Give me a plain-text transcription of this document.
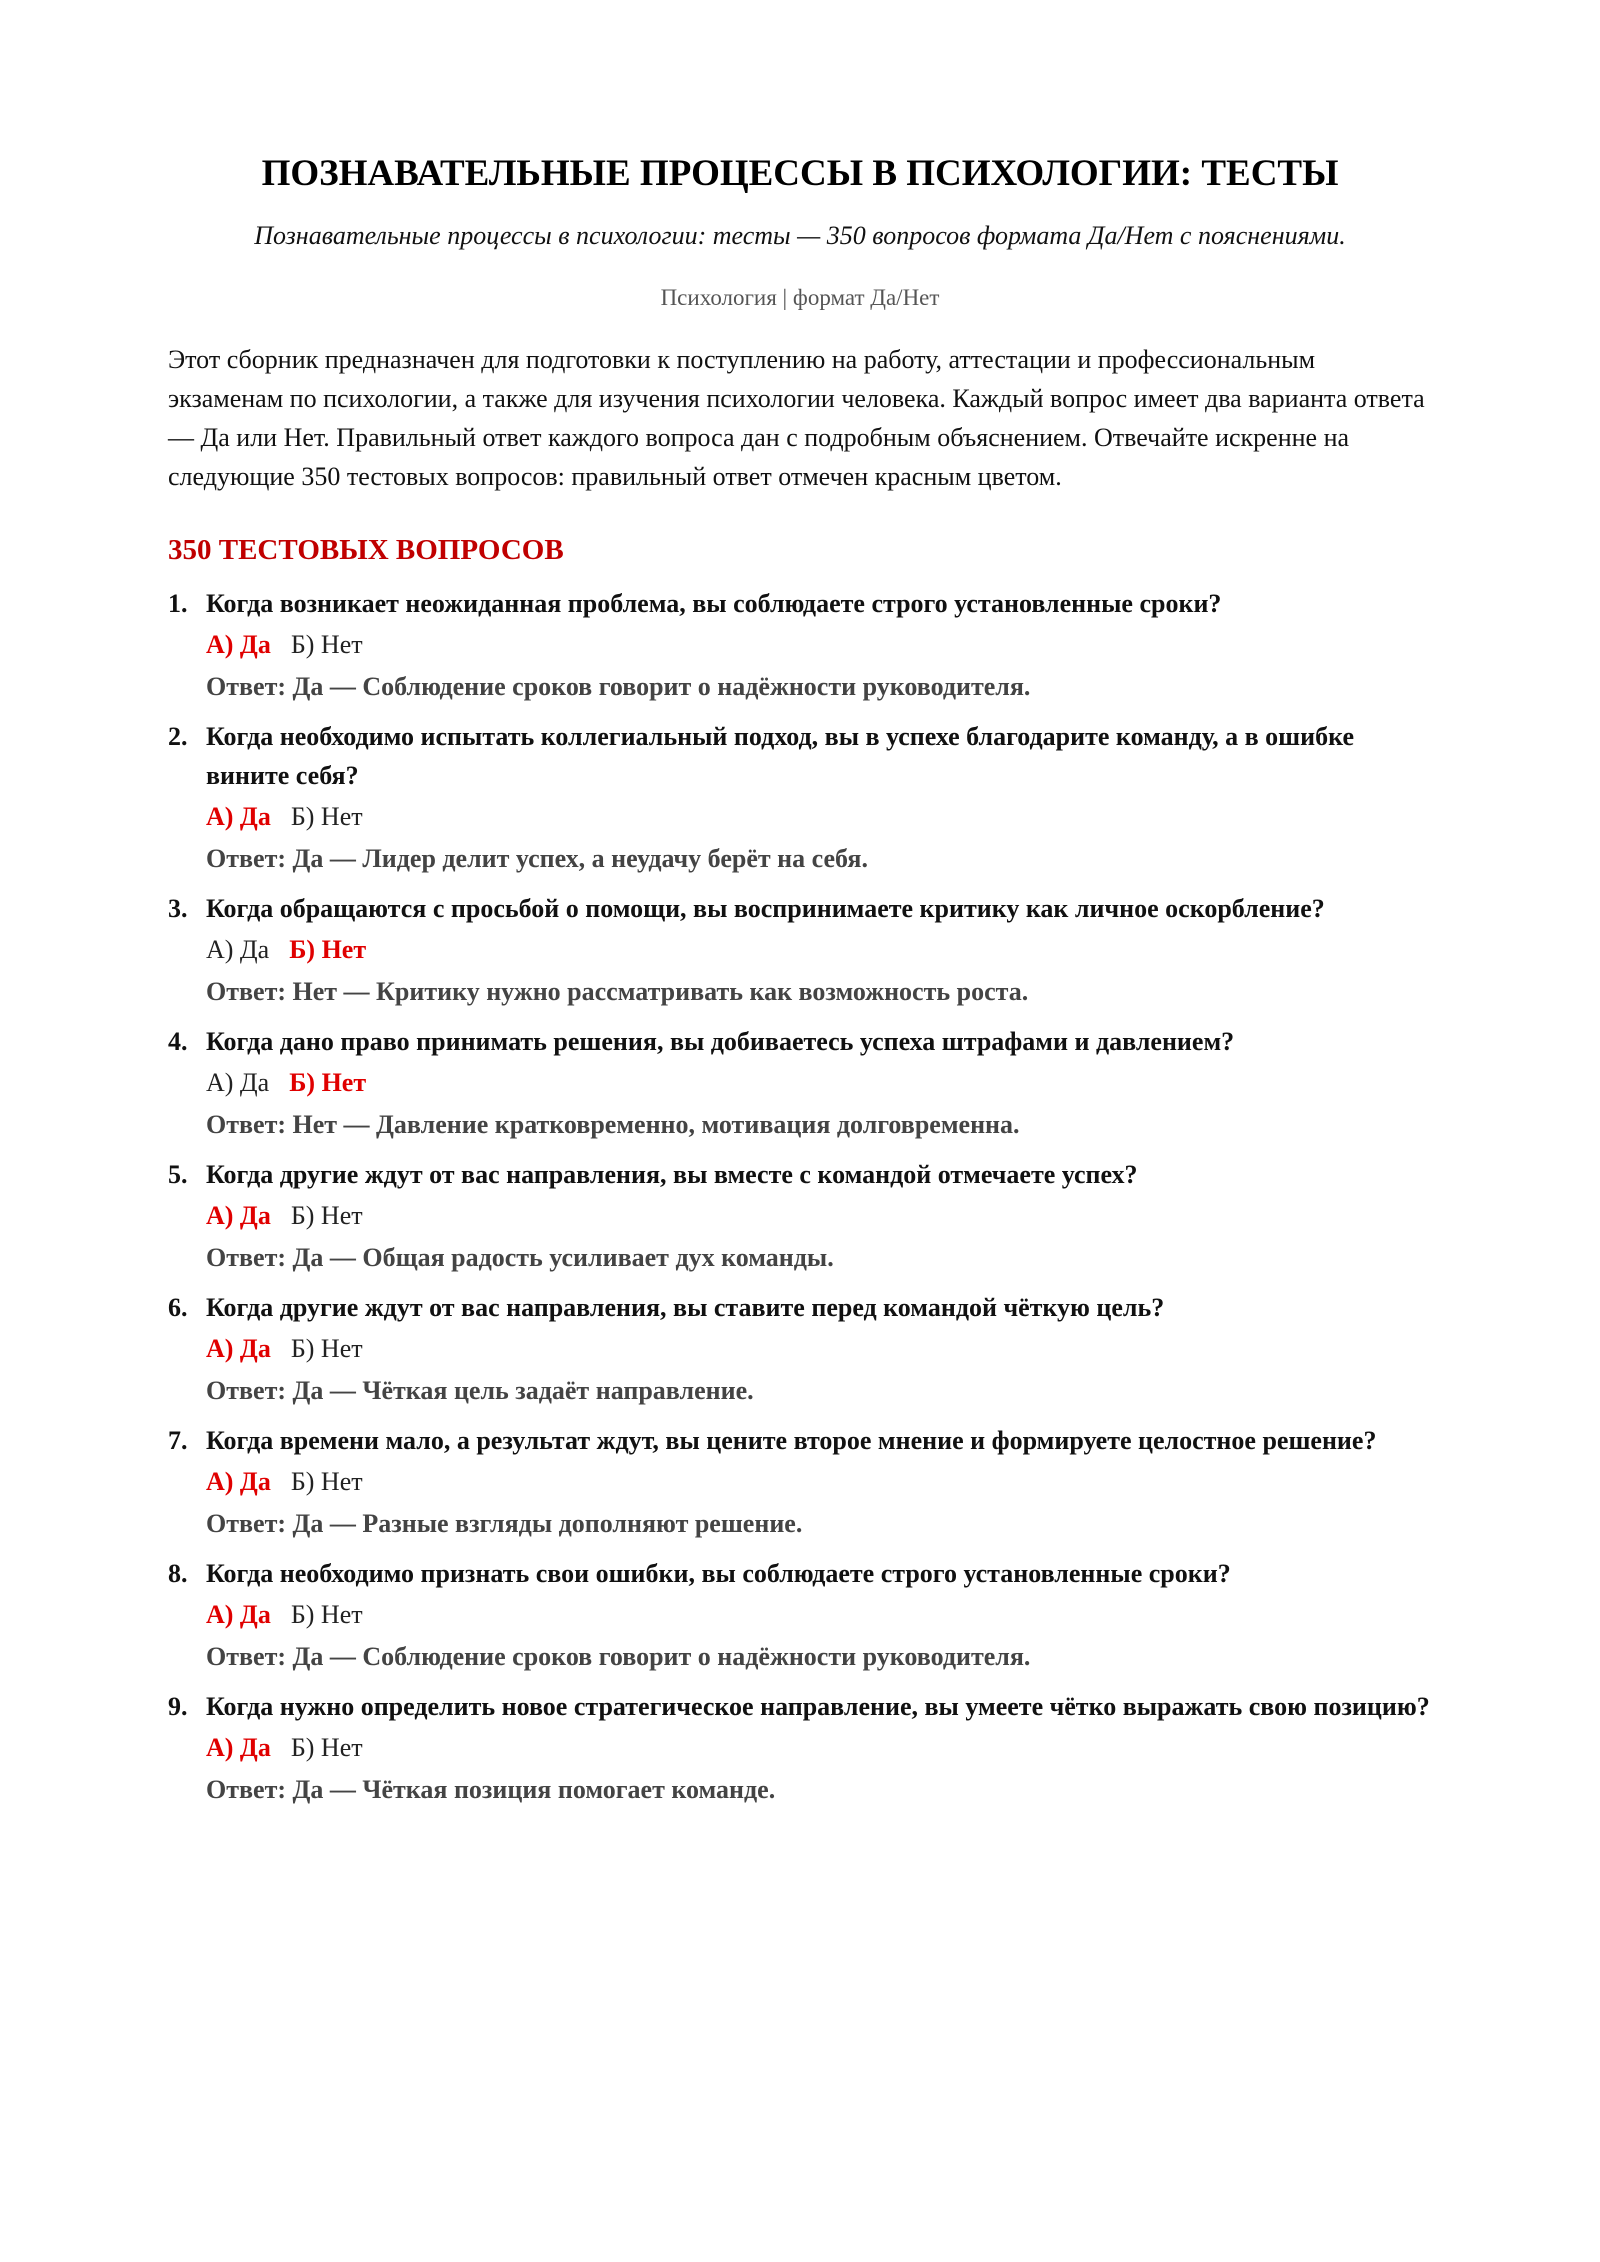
ПОЗНАВАТЕЛЬНЫЕ ПРОЦЕССЫ В ПСИХОЛОГИИ: ТЕСТЫ
Познавательные процессы в психологии: тесты — 350 вопросов формата Да/Нет с пояснениями.
Психология | формат Да/Нет

Этот сборник предназначен для подготовки к поступлению на работу, аттестации и профессиональным экзаменам по психологии, а также для изучения психологии человека. Каждый вопрос имеет два варианта ответа — Да или Нет. Правильный ответ каждого вопроса дан с подробным объяснением. Отвечайте искренне на следующие 350 тестовых вопросов: правильный ответ отмечен красным цветом.

350 ТЕСТОВЫХ ВОПРОСОВ
1. Когда возникает неожиданная проблема, вы соблюдаете строго установленные сроки?
А) Да Б) Нет
Ответ: Да — Соблюдение сроков говорит о надёжности руководителя.
2. Когда необходимо испытать коллегиальный подход, вы в успехе благодарите команду, а в ошибке вините себя?
А) Да Б) Нет
Ответ: Да — Лидер делит успех, а неудачу берёт на себя.
3. Когда обращаются с просьбой о помощи, вы воспринимаете критику как личное оскорбление?
А) Да Б) Нет
Ответ: Нет — Критику нужно рассматривать как возможность роста.
4. Когда дано право принимать решения, вы добиваетесь успеха штрафами и давлением?
А) Да Б) Нет
Ответ: Нет — Давление кратковременно, мотивация долговременна.
5. Когда другие ждут от вас направления, вы вместе с командой отмечаете успех?
А) Да Б) Нет
Ответ: Да — Общая радость усиливает дух команды.
6. Когда другие ждут от вас направления, вы ставите перед командой чёткую цель?
А) Да Б) Нет
Ответ: Да — Чёткая цель задаёт направление.
7. Когда времени мало, а результат ждут, вы цените второе мнение и формируете целостное решение?
А) Да Б) Нет
Ответ: Да — Разные взгляды дополняют решение.
8. Когда необходимо признать свои ошибки, вы соблюдаете строго установленные сроки?
А) Да Б) Нет
Ответ: Да — Соблюдение сроков говорит о надёжности руководителя.
9. Когда нужно определить новое стратегическое направление, вы умеете чётко выражать свою позицию?
А) Да Б) Нет
Ответ: Да — Чёткая позиция помогает команде.
